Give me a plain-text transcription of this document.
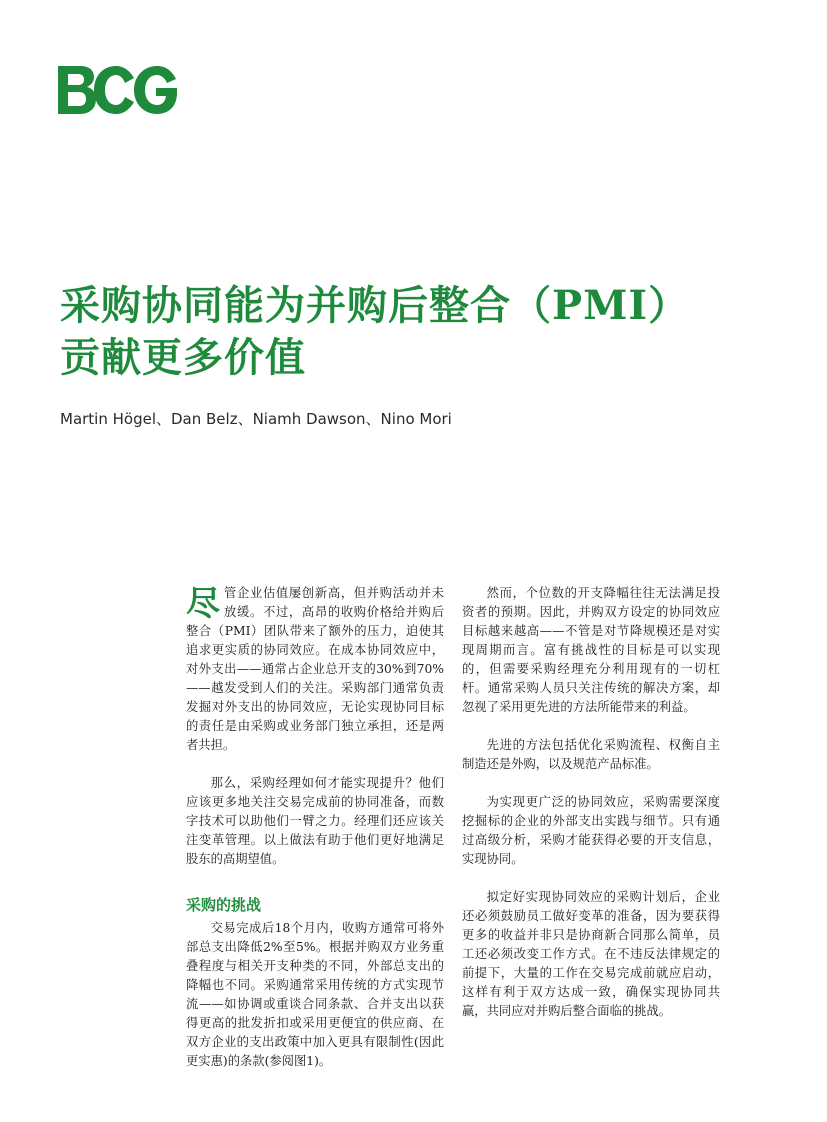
采购协同能为并购后整合（PMI）
贡献更多价值
Martin Högel、Dan Belz、Niamh Dawson、Nino Mori

尽管企业估值屡创新高，但并购活动并未放缓。不过，高昂的收购价格给并购后整合（PMI）团队带来了额外的压力，迫使其追求更实质的协同效应。在成本协同效应中，对外支出——通常占企业总开支的30%到70%——越发受到人们的关注。采购部门通常负责发掘对外支出的协同效应，无论实现协同目标的责任是由采购或业务部门独立承担，还是两者共担。

那么，采购经理如何才能实现提升？他们应该更多地关注交易完成前的协同准备，而数字技术可以助他们一臂之力。经理们还应该关注变革管理。以上做法有助于他们更好地满足股东的高期望值。

采购的挑战

交易完成后18个月内，收购方通常可将外部总支出降低2%至5%。根据并购双方业务重叠程度与相关开支种类的不同，外部总支出的降幅也不同。采购通常采用传统的方式实现节流——如协调或重谈合同条款、合并支出以获得更高的批发折扣或采用更便宜的供应商、在双方企业的支出政策中加入更具有限制性(因此更实惠)的条款(参阅图1)。

然而，个位数的开支降幅往往无法满足投资者的预期。因此，并购双方设定的协同效应目标越来越高——不管是对节降规模还是对实现周期而言。富有挑战性的目标是可以实现的，但需要采购经理充分利用现有的一切杠杆。通常采购人员只关注传统的解决方案，却忽视了采用更先进的方法所能带来的利益。

先进的方法包括优化采购流程、权衡自主制造还是外购，以及规范产品标准。

为实现更广泛的协同效应，采购需要深度挖掘标的企业的外部支出实践与细节。只有通过高级分析，采购才能获得必要的开支信息，实现协同。

拟定好实现协同效应的采购计划后，企业还必须鼓励员工做好变革的准备，因为要获得更多的收益并非只是协商新合同那么简单，员工还必须改变工作方式。在不违反法律规定的前提下，大量的工作在交易完成前就应启动，这样有利于双方达成一致，确保实现协同共赢，共同应对并购后整合面临的挑战。
